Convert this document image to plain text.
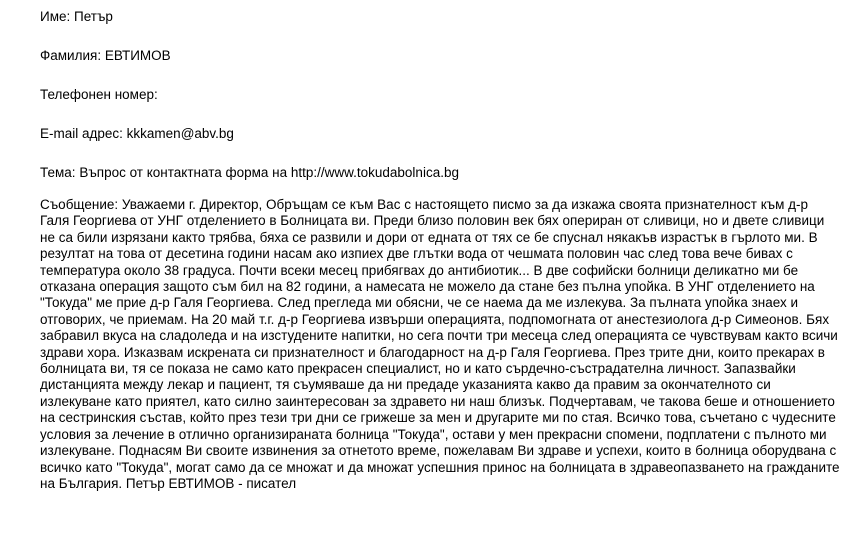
Име: Петър

Фамилия: ЕВТИМОВ

Телефонен номер:

E-mail адрес: kkkamen@abv.bg

Тема: Въпрос от контактната форма на http://www.tokudabolnica.bg

Съобщение: Уважаеми г. Директор, Обръщам се към Вас с настоящето писмо за да изкажа своята признателност към д-р Галя Георгиева от УНГ отделението в Болницата ви. Преди близо половин век бях опериран от сливици, но и двете сливици не са били изрязани както трябва, бяха се развили и дори от едната от тях се бе спуснал някакъв израстък в гърлото ми. В резултат на това от десетина години насам ако изпиех две глътки вода от чешмата половин час след това вече бивах с температура около 38 градуса. Почти всеки месец прибягвах до антибиотик... В две софийски болници деликатно ми бе отказана операция защото съм бил на 82 години, а намесата не можело да стане без пълна упойка. В УНГ отделението на "Токуда" ме прие д-р Галя Георгиева. След прегледа ми обясни, че се наема да ме излекува. За пълната упойка знаех и отговорих, че приемам. На 20 май т.г. д-р Георгиева извърши операцията, подпомогната от анестезиолога д-р Симеонов. Бях забравил вкуса на сладоледа и на изстудените напитки, но сега почти три месеца след операцията се чувствувам както всичи здрави хора. Изказвам искрената си признателност и благодарност на д-р Галя Георгиева. През трите дни, които прекарах в болницата ви, тя се показа не само като прекрасен специалист, но и като сърдечно-състрадателна личност. Запазвайки дистанцията между лекар и пациент, тя съумяваше да ни предаде указанията какво да правим за окончателното си излекуване като приятел, като силно заинтересован за здравето ни наш близък. Подчертавам, че такова беше и отношението на сестринския състав, който през тези три дни се грижеше за мен и другарите ми по стая. Всичко това, съчетано с чудесните условия за лечение в отлично организираната болница "Токуда", остави у мен прекрасни спомени, подплатени с пълното ми излекуване. Поднасям Ви своите извинения за отнетото време, пожелавам Ви здраве и успехи, които в болница оборудвана с всичко като "Токуда", могат само да се множат и да множат успешния принос на болницата в здравеопазването на гражданите на България. Петър ЕВТИМОВ - писател
